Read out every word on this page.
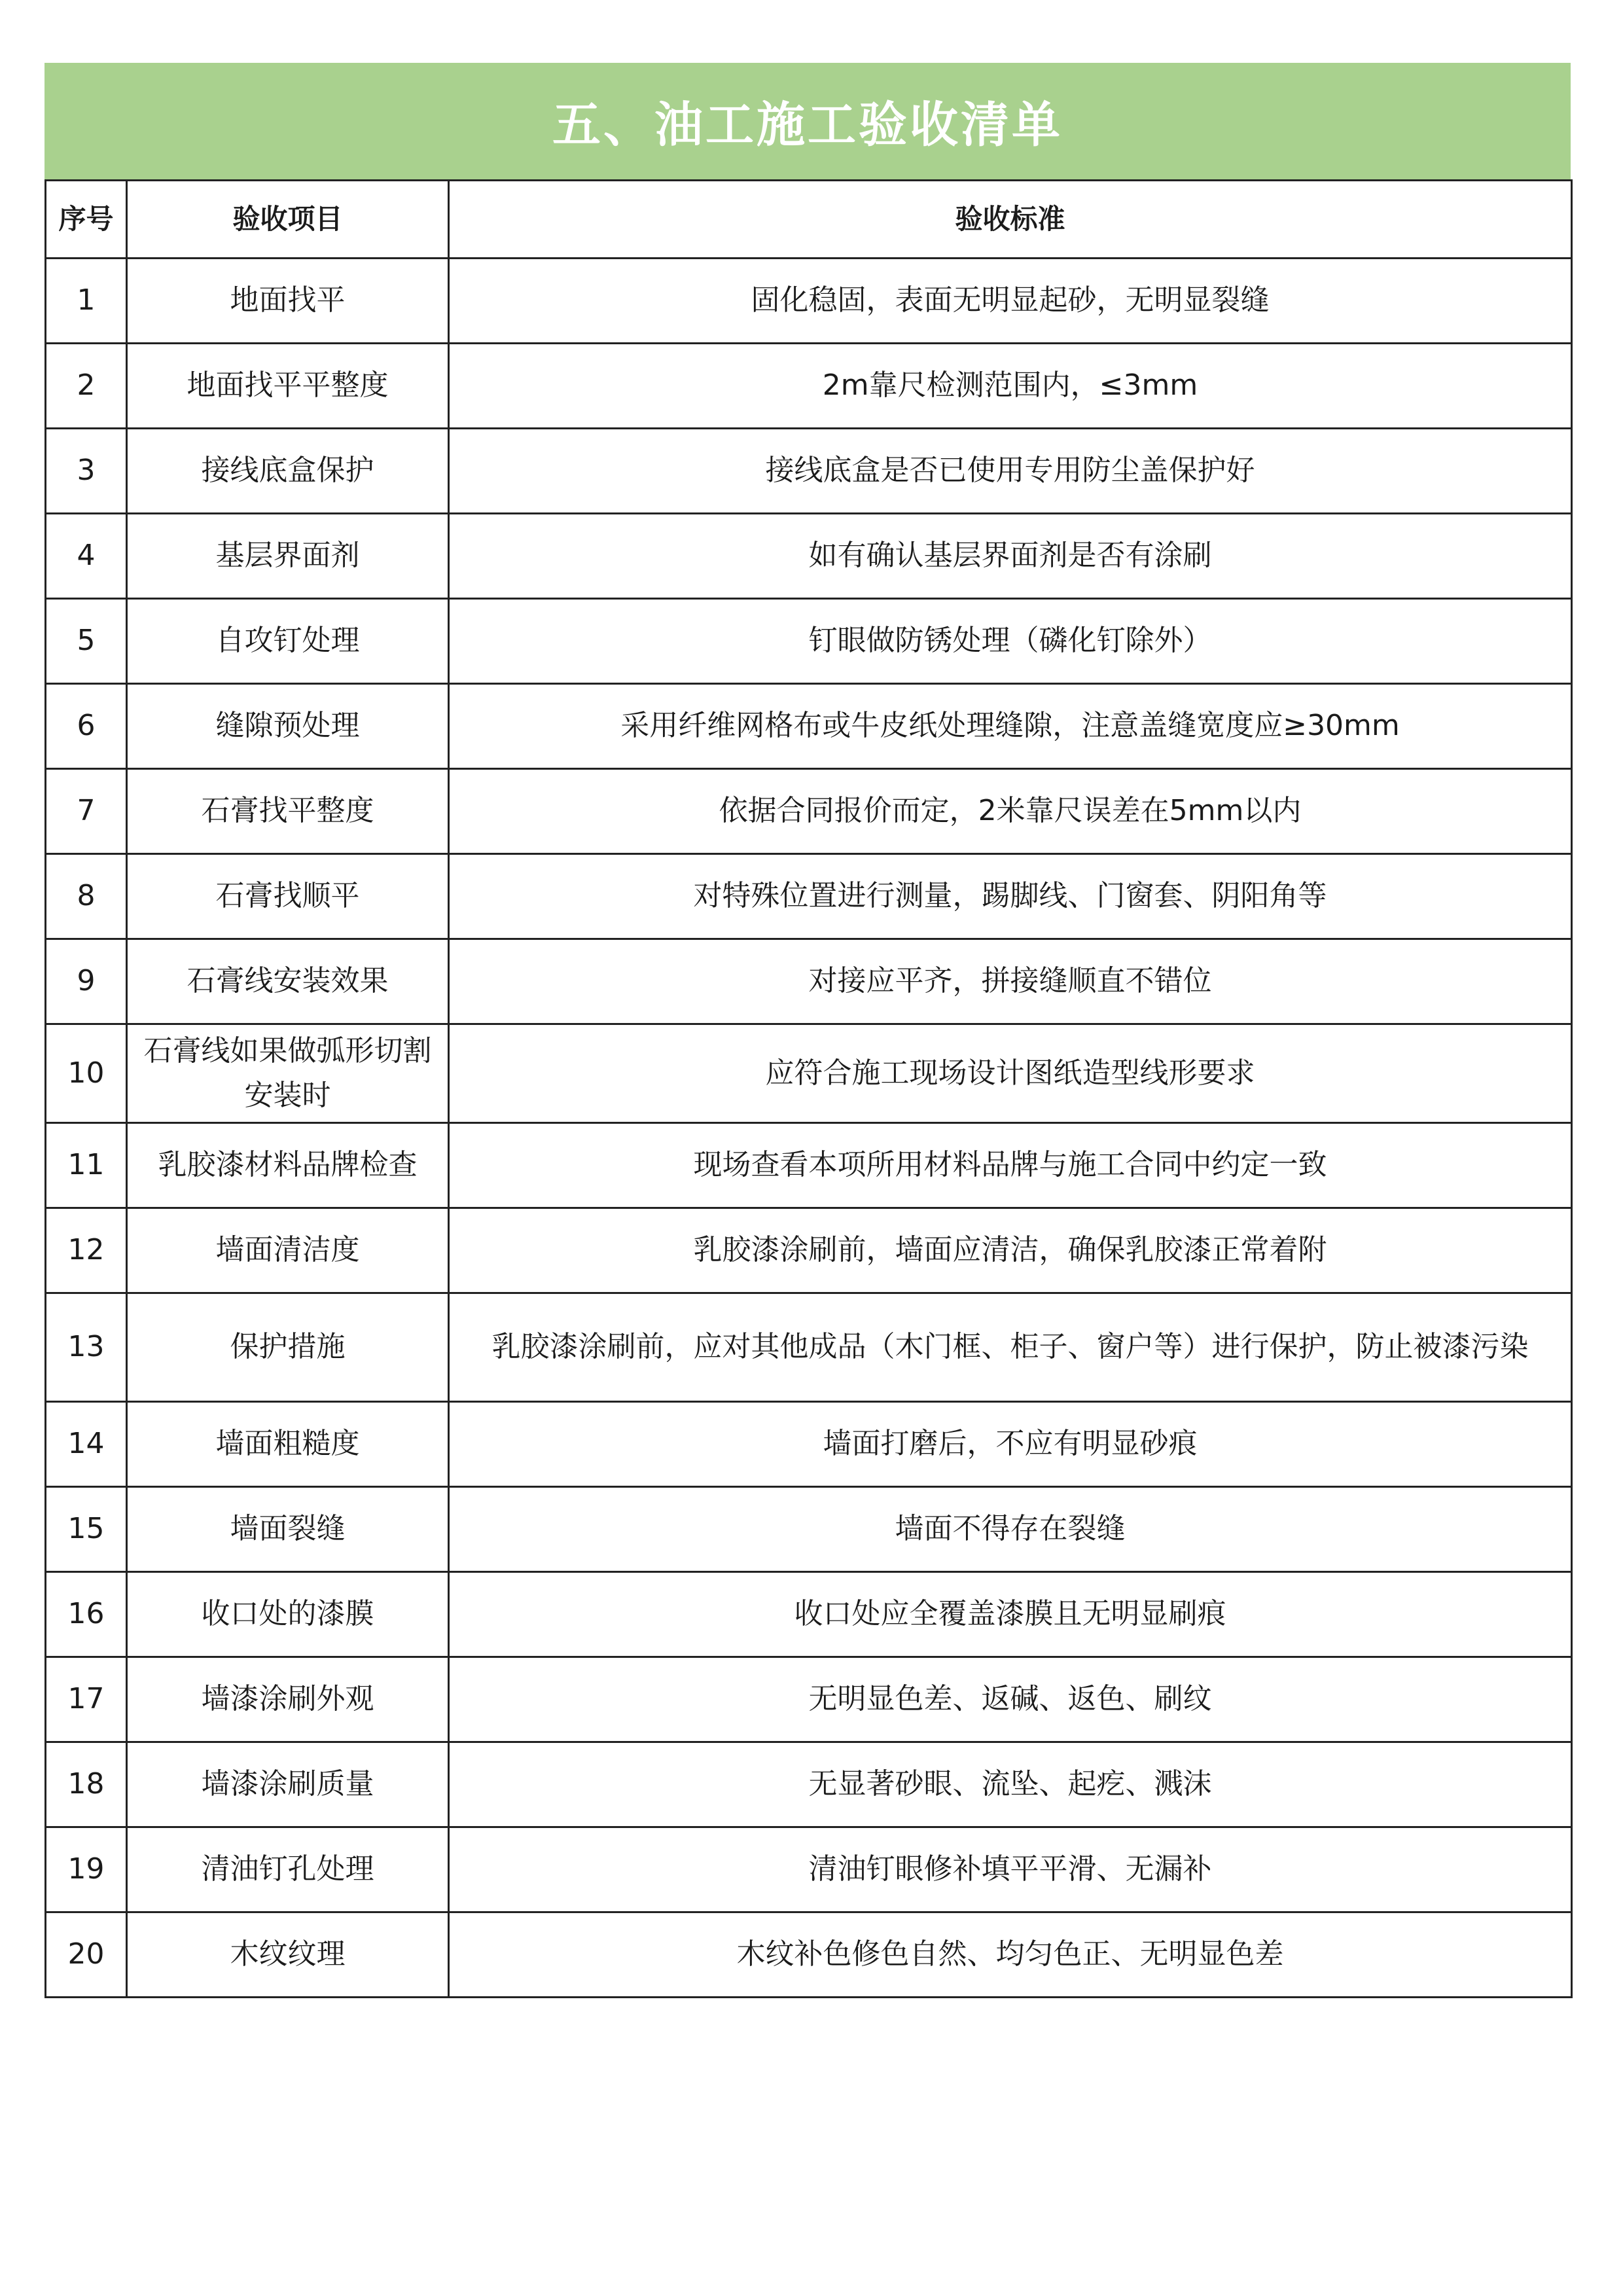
五、油工施工验收清单
序号	验收项目	验收标准
1	地面找平	固化稳固，表面无明显起砂，无明显裂缝
2	地面找平平整度	2m靠尺检测范围内，≤3mm
3	接线底盒保护	接线底盒是否已使用专用防尘盖保护好
4	基层界面剂	如有确认基层界面剂是否有涂刷
5	自攻钉处理	钉眼做防锈处理（磷化钉除外）
6	缝隙预处理	采用纤维网格布或牛皮纸处理缝隙，注意盖缝宽度应≥30mm
7	石膏找平整度	依据合同报价而定，2米靠尺误差在5mm以内
8	石膏找顺平	对特殊位置进行测量，踢脚线、门窗套、阴阳角等
9	石膏线安装效果	对接应平齐，拼接缝顺直不错位
10	石膏线如果做弧形切割安装时	应符合施工现场设计图纸造型线形要求
11	乳胶漆材料品牌检查	现场查看本项所用材料品牌与施工合同中约定一致
12	墙面清洁度	乳胶漆涂刷前，墙面应清洁，确保乳胶漆正常着附
13	保护措施	乳胶漆涂刷前，应对其他成品（木门框、柜子、窗户等）进行保护，防止被漆污染
14	墙面粗糙度	墙面打磨后，不应有明显砂痕
15	墙面裂缝	墙面不得存在裂缝
16	收口处的漆膜	收口处应全覆盖漆膜且无明显刷痕
17	墙漆涂刷外观	无明显色差、返碱、返色、刷纹
18	墙漆涂刷质量	无显著砂眼、流坠、起疙、溅沫
19	清油钉孔处理	清油钉眼修补填平平滑、无漏补
20	木纹纹理	木纹补色修色自然、均匀色正、无明显色差
